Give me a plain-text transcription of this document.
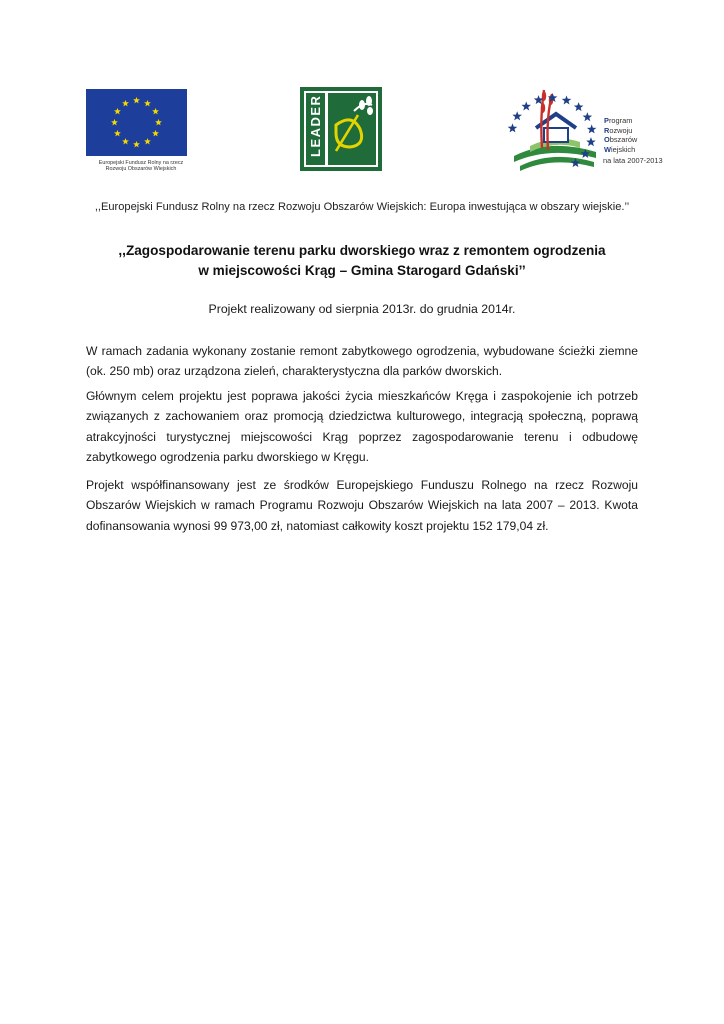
Europejski Fundusz Rolny na rzecz
Rozwoju Obszarów Wiejskich
LEADER	Program
Rozwoju
Obszarów
Wiejskich
na lata 2007-2013
,,Europejski Fundusz Rolny na rzecz Rozwoju Obszarów Wiejskich: Europa inwestująca w obszary wiejskie.’’
,,Zagospodarowanie terenu parku dworskiego wraz z remontem ogrodzenia
w miejscowości Krąg – Gmina Starogard Gdański’’
Projekt realizowany od sierpnia 2013r. do grudnia 2014r.

W ramach zadania wykonany zostanie remont zabytkowego ogrodzenia, wybudowane ścieżki ziemne (ok. 250 mb) oraz urządzona zieleń, charakterystyczna dla parków dworskich.

Głównym celem projektu jest poprawa jakości życia mieszkańców Kręga i zaspokojenie ich potrzeb związanych z zachowaniem oraz promocją dziedzictwa kulturowego, integracją społeczną, poprawą atrakcyjności turystycznej miejscowości Krąg poprzez zagospodarowanie terenu i odbudowę zabytkowego ogrodzenia parku dworskiego w Kręgu.

Projekt współfinansowany jest ze środków Europejskiego Funduszu Rolnego na rzecz Rozwoju Obszarów Wiejskich w ramach Programu Rozwoju Obszarów Wiejskich na lata 2007 – 2013. Kwota dofinansowania wynosi 99 973,00 zł, natomiast całkowity koszt projektu 152 179,04 zł.
